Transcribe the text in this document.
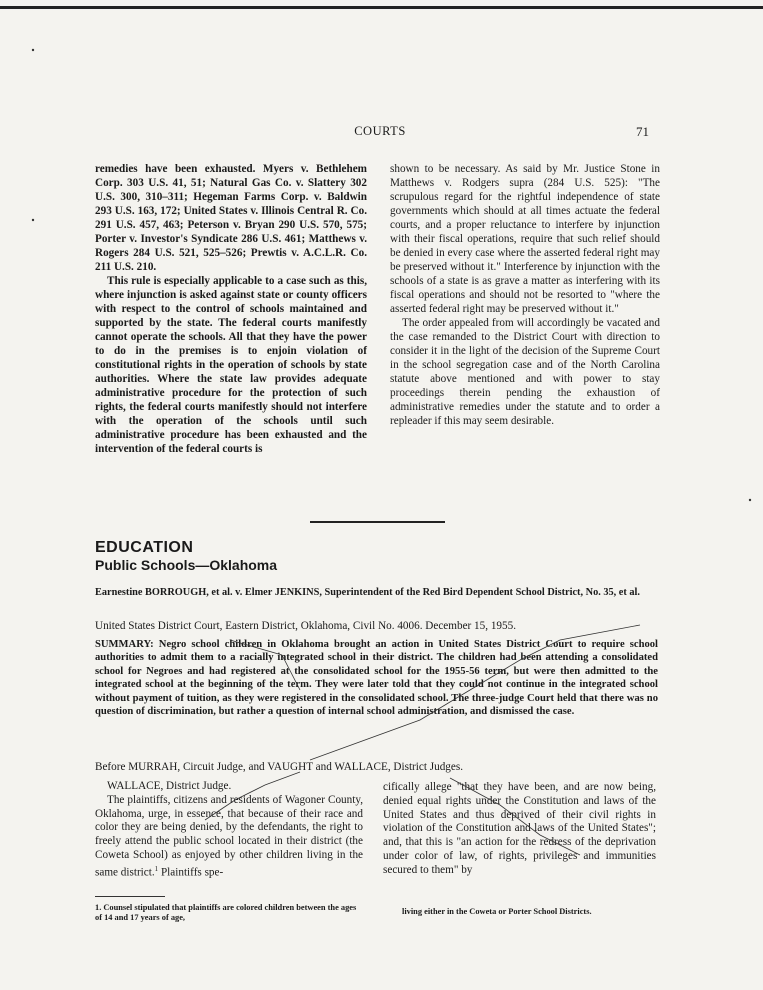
COURTS	71

remedies have been exhausted. Myers v. Bethlehem Corp. 303 U.S. 41, 51; Natural Gas Co. v. Slattery 302 U.S. 300, 310–311; Hegeman Farms Corp. v. Baldwin 293 U.S. 163, 172; United States v. Illinois Central R. Co. 291 U.S. 457, 463; Peterson v. Bryan 290 U.S. 570, 575; Porter v. Investor's Syndicate 286 U.S. 461; Matthews v. Rogers 284 U.S. 521, 525–526; Prewtis v. A.C.L.R. Co. 211 U.S. 210.

This rule is especially applicable to a case such as this, where injunction is asked against state or county officers with respect to the control of schools maintained and supported by the state. The federal courts manifestly cannot operate the schools. All that they have the power to do in the premises is to enjoin violation of constitutional rights in the operation of schools by state authorities. Where the state law provides adequate administrative procedure for the protection of such rights, the federal courts manifestly should not interfere with the operation of the schools until such administrative procedure has been exhausted and the intervention of the federal courts is

shown to be necessary. As said by Mr. Justice Stone in Matthews v. Rodgers supra (284 U.S. 525): "The scrupulous regard for the rightful independence of state governments which should at all times actuate the federal courts, and a proper reluctance to interfere by injunction with their fiscal operations, require that such relief should be denied in every case where the asserted federal right may be preserved without it." Interference by injunction with the schools of a state is as grave a matter as interfering with its fiscal operations and should not be resorted to "where the asserted federal right may be preserved without it."

The order appealed from will accordingly be vacated and the case remanded to the District Court with direction to consider it in the light of the decision of the Supreme Court in the school segregation case and of the North Carolina statute above mentioned and with power to stay proceedings therein pending the exhaustion of administrative remedies under the statute and to order a repleader if this may seem desirable.

EDUCATION
Public Schools—Oklahoma
Earnestine BORROUGH, et al. v. Elmer JENKINS, Superintendent of the Red Bird Dependent School District, No. 35, et al.
United States District Court, Eastern District, Oklahoma, Civil No. 4006. December 15, 1955.
SUMMARY: Negro school children in Oklahoma brought an action in United States District Court to require school authorities to admit them to a racially integrated school in their district. The children had been attending a consolidated school for Negroes and had registered at the consolidated school for the 1955-56 term, but were then admitted to the integrated school at the beginning of the term. They were later told that they could not continue in the integrated school without payment of tuition, as they were registered in the consolidated school. The three-judge Court held that there was no question of discrimination, but rather a question of internal school administration, and dismissed the case.
Before MURRAH, Circuit Judge, and VAUGHT and WALLACE, District Judges.

WALLACE, District Judge.

The plaintiffs, citizens and residents of Wagoner County, Oklahoma, urge, in essence, that because of their race and color they are being denied, by the defendants, the right to freely attend the public school located in their district (the Coweta School) as enjoyed by other children living in the same district.$^1$ Plaintiffs spe-

cifically allege "that they have been, and are now being, denied equal rights under the Constitution and laws of the United States and thus deprived of their civil rights in violation of the Constitution and laws of the United States"; and, that this is "an action for the redress of the deprivation under color of law, of rights, privileges and immunities secured to them" by

1. Counsel stipulated that plaintiffs are colored children between the ages of 14 and 17 years of age,
living either in the Coweta or Porter School Districts.
